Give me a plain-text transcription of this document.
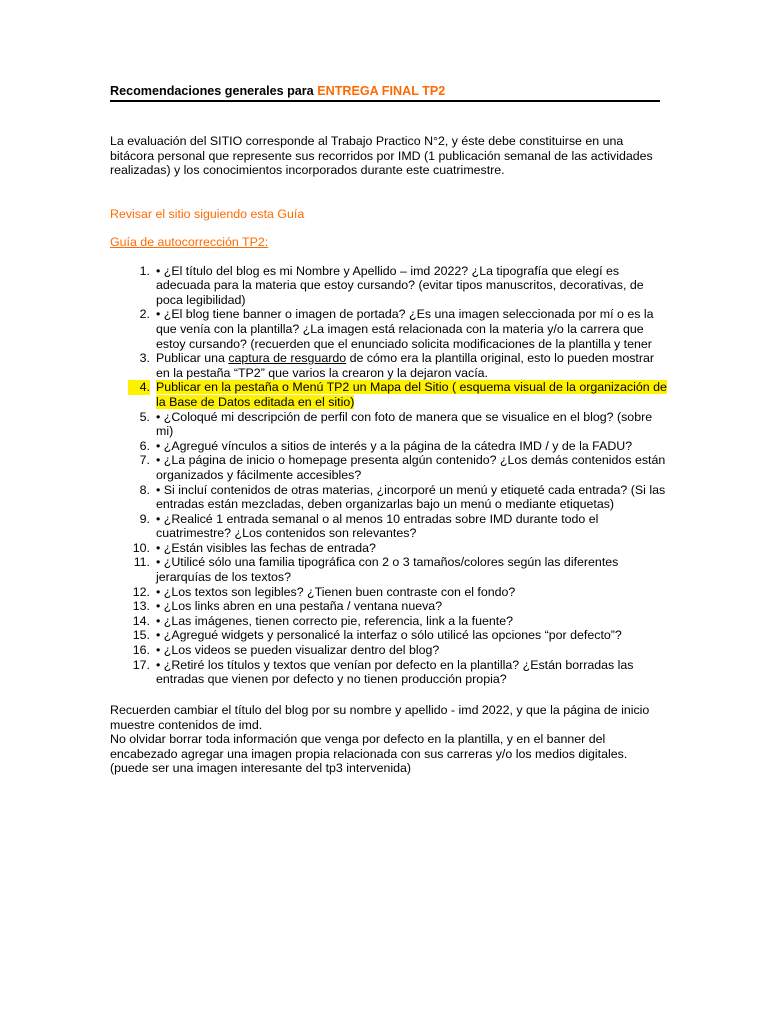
Recomendaciones generales para ENTREGA FINAL TP2

La evaluación del SITIO corresponde al Trabajo Practico N°2, y éste debe constituirse en una bitácora personal que represente sus recorridos por IMD (1 publicación semanal de las actividades realizadas) y los conocimientos incorporados durante este cuatrimestre.

Revisar el sitio siguiendo esta Guía

Guía de autocorrección TP2:
1. • ¿El título del blog es mi Nombre y Apellido – imd 2022? ¿La tipografía que elegí es adecuada para la materia que estoy cursando? (evitar tipos manuscritos, decorativas, de poca legibilidad)
2. • ¿El blog tiene banner o imagen de portada? ¿Es una imagen seleccionada por mí o es la que venía con la plantilla? ¿La imagen está relacionada con la materia y/o la carrera que estoy cursando? (recuerden que el enunciado solicita modificaciones de la plantilla y tener
3. Publicar una captura de resguardo de cómo era la plantilla original, esto lo pueden mostrar en la pestaña “TP2” que varios la crearon y la dejaron vacía.
4. Publicar en la pestaña o Menú TP2 un Mapa del Sitio ( esquema visual de la organización de la Base de Datos editada en el sitio)
5. • ¿Coloqué mi descripción de perfil con foto de manera que se visualice en el blog? (sobre mi)
6. • ¿Agregué vínculos a sitios de interés y a la página de la cátedra IMD / y de la FADU?
7. • ¿La página de inicio o homepage presenta algún contenido? ¿Los demás contenidos están organizados y fácilmente accesibles?
8. • Si incluí contenidos de otras materias, ¿incorporé un menú y etiqueté cada entrada? (Si las entradas están mezcladas, deben organizarlas bajo un menú o mediante etiquetas)
9. • ¿Realicé 1 entrada semanal o al menos 10 entradas sobre IMD durante todo el cuatrimestre? ¿Los contenidos son relevantes?
10. • ¿Están visibles las fechas de entrada?
11. • ¿Utilicé sólo una familia tipográfica con 2 o 3 tamaños/colores según las diferentes jerarquías de los textos?
12. • ¿Los textos son legibles? ¿Tienen buen contraste con el fondo?
13. • ¿Los links abren en una pestaña / ventana nueva?
14. • ¿Las imágenes, tienen correcto pie, referencia, link a la fuente?
15. • ¿Agregué widgets y personalicé la interfaz o sólo utilicé las opciones “por defecto”?
16. • ¿Los videos se pueden visualizar dentro del blog?
17. • ¿Retiré los títulos y textos que venían por defecto en la plantilla? ¿Están borradas las entradas que vienen por defecto y no tienen producción propia?
Recuerden cambiar el título del blog por su nombre y apellido - imd 2022, y que la página de inicio muestre contenidos de imd.
No olvidar borrar toda información que venga por defecto en la plantilla, y en el banner del encabezado agregar una imagen propia relacionada con sus carreras y/o los medios digitales.
(puede ser una imagen interesante del tp3 intervenida)
